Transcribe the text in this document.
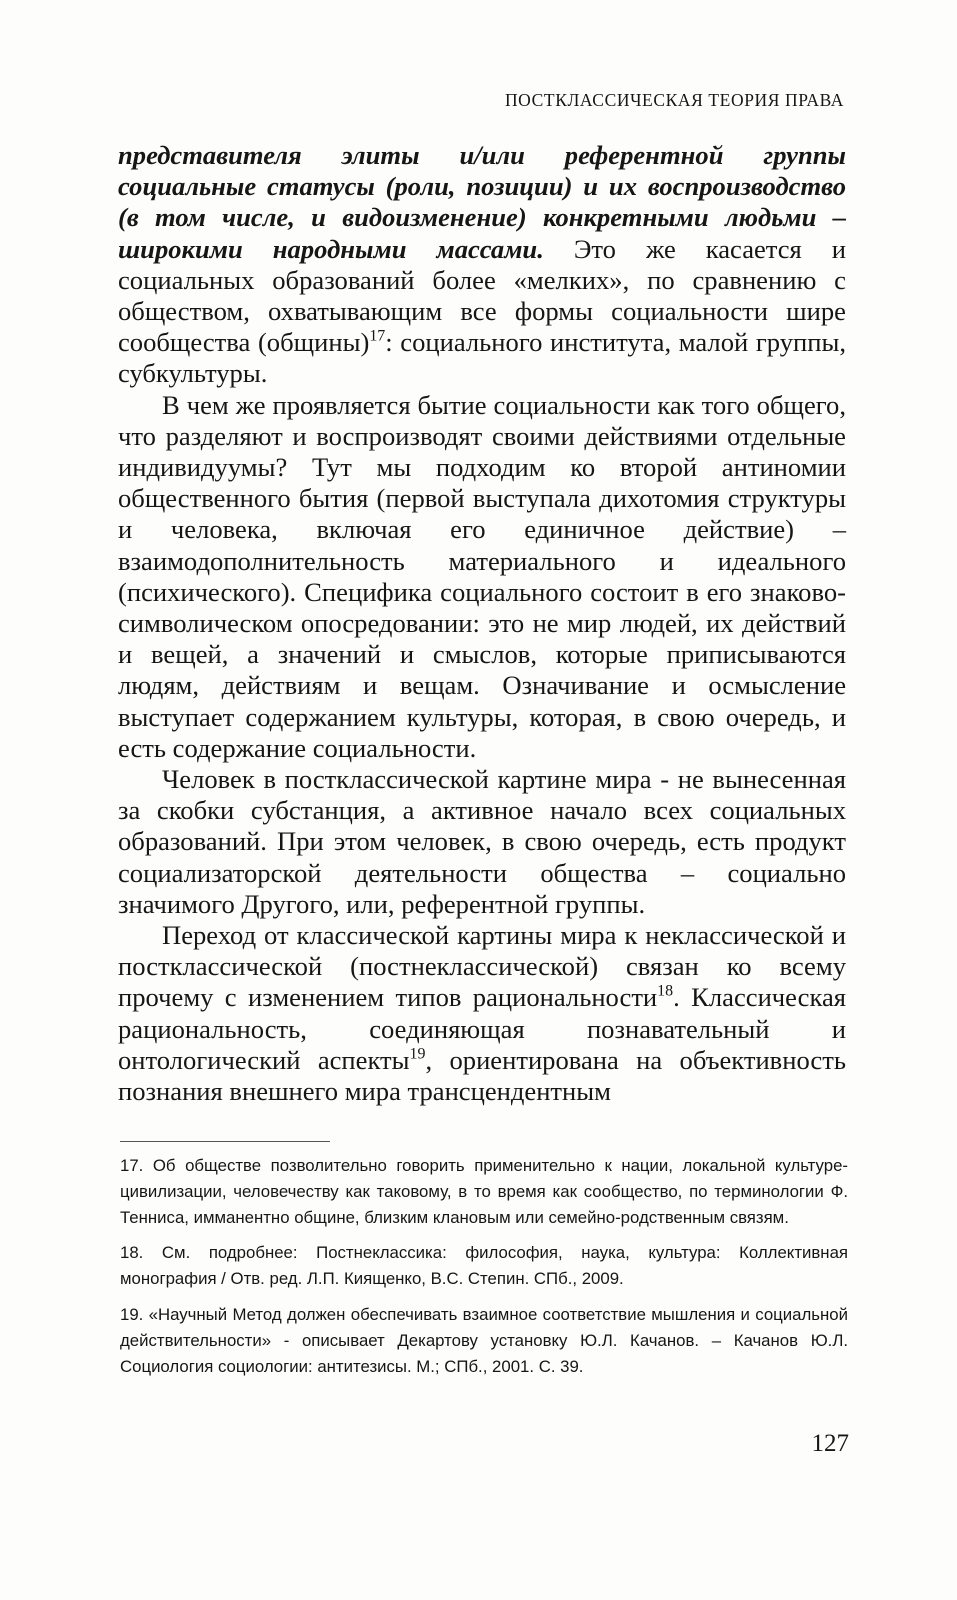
ПОСТКЛАССИЧЕСКАЯ ТЕОРИЯ ПРАВА

представителя элиты и/или референтной группы социальные статусы (роли, позиции) и их воспроизводство (в том числе, и видоизменение) конкретными людьми – широкими народными массами. Это же касается и социальных образований более «мелких», по сравнению с обществом, охватывающим все формы социальности шире сообщества (общины)$^{17}$: социального института, малой группы, субкультуры.

В чем же проявляется бытие социальности как того общего, что разделяют и воспроизводят своими действиями отдельные индивидуумы? Тут мы подходим ко второй антиномии общественного бытия (первой выступала дихотомия структуры и человека, включая его единичное действие) – взаимодополнительность материального и идеального (психического). Специфика социального состоит в его знаково-символическом опосредовании: это не мир людей, их действий и вещей, а значений и смыслов, которые приписываются людям, действиям и вещам. Означивание и осмысление выступает содержанием культуры, которая, в свою очередь, и есть содержание социальности.

Человек в постклассической картине мира - не вынесенная за скобки субстанция, а активное начало всех социальных образований. При этом человек, в свою очередь, есть продукт социализаторской деятельности общества – социально значимого Другого, или, референтной группы.

Переход от классической картины мира к неклассической и постклассической (постнеклассической) связан ко всему прочему с изменением типов рациональности$^{18}$. Классическая рациональность, соединяющая познавательный и онтологический аспекты$^{19}$, ориентирована на объективность познания внешнего мира трансцендентным

17. Об обществе позволительно говорить применительно к нации, локальной культуре-цивилизации, человечеству как таковому, в то время как сообщество, по терминологии Ф. Тенниса, имманентно общине, близким клановым или семейно-родственным связям.

18. См. подробнее: Постнеклассика: философия, наука, культура: Коллективная монография / Отв. ред. Л.П. Киященко, В.С. Степин. СПб., 2009.

19. «Научный Метод должен обеспечивать взаимное соответствие мышления и социальной действительности» - описывает Декартову установку Ю.Л. Качанов. – Качанов Ю.Л. Социология социологии: антитезисы. М.; СПб., 2001. С. 39.

127
